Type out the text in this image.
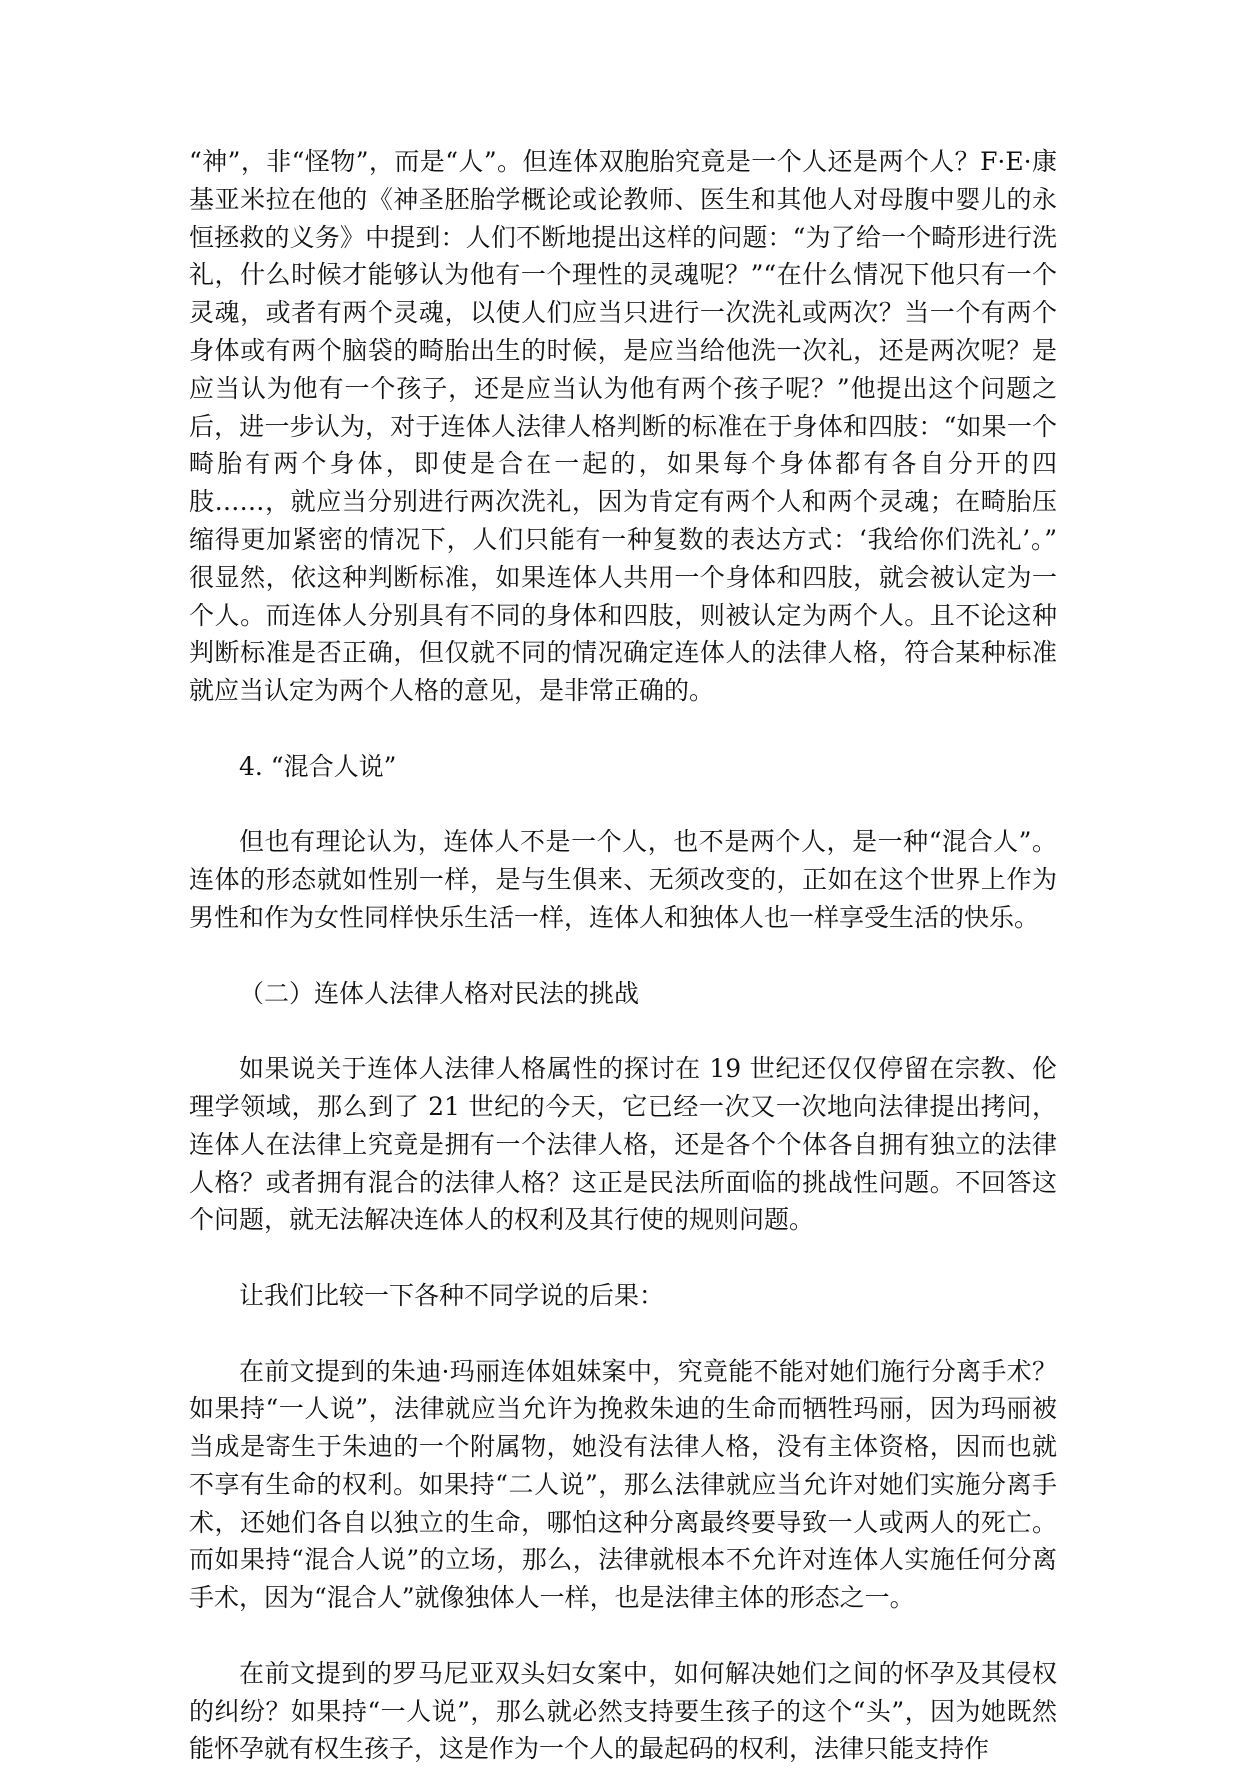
“神”，非“怪物”，而是“人”。但连体双胞胎究竟是一个人还是两个人？F·E·康基亚米拉在他的《神圣胚胎学概论或论教师、医生和其他人对母腹中婴儿的永恒拯救的义务》中提到：人们不断地提出这样的问题：“为了给一个畸形进行洗礼，什么时候才能够认为他有一个理性的灵魂呢？”“在什么情况下他只有一个灵魂，或者有两个灵魂，以使人们应当只进行一次洗礼或两次？当一个有两个身体或有两个脑袋的畸胎出生的时候，是应当给他洗一次礼，还是两次呢？是应当认为他有一个孩子，还是应当认为他有两个孩子呢？”他提出这个问题之后，进一步认为，对于连体人法律人格判断的标准在于身体和四肢：“如果一个畸胎有两个身体，即使是合在一起的，如果每个身体都有各自分开的四肢……，就应当分别进行两次洗礼，因为肯定有两个人和两个灵魂；在畸胎压缩得更加紧密的情况下，人们只能有一种复数的表达方式：‘我给你们洗礼’。” 很显然，依这种判断标准，如果连体人共用一个身体和四肢，就会被认定为一个人。而连体人分别具有不同的身体和四肢，则被认定为两个人。且不论这种判断标准是否正确，但仅就不同的情况确定连体人的法律人格，符合某种标准就应当认定为两个人格的意见，是非常正确的。

4. “混合人说”

但也有理论认为，连体人不是一个人，也不是两个人，是一种“混合人”。连体的形态就如性别一样，是与生俱来、无须改变的，正如在这个世界上作为男性和作为女性同样快乐生活一样，连体人和独体人也一样享受生活的快乐。

（二）连体人法律人格对民法的挑战

如果说关于连体人法律人格属性的探讨在 19 世纪还仅仅停留在宗教、伦理学领域，那么到了 21 世纪的今天，它已经一次又一次地向法律提出拷问，连体人在法律上究竟是拥有一个法律人格，还是各个个体各自拥有独立的法律人格？或者拥有混合的法律人格？这正是民法所面临的挑战性问题。不回答这个问题，就无法解决连体人的权利及其行使的规则问题。

让我们比较一下各种不同学说的后果：

在前文提到的朱迪·玛丽连体姐妹案中，究竟能不能对她们施行分离手术？如果持“一人说”，法律就应当允许为挽救朱迪的生命而牺牲玛丽，因为玛丽被当成是寄生于朱迪的一个附属物，她没有法律人格，没有主体资格，因而也就不享有生命的权利。如果持“二人说”，那么法律就应当允许对她们实施分离手术，还她们各自以独立的生命，哪怕这种分离最终要导致一人或两人的死亡。而如果持“混合人说”的立场，那么，法律就根本不允许对连体人实施任何分离手术，因为“混合人”就像独体人一样，也是法律主体的形态之一。

在前文提到的罗马尼亚双头妇女案中，如何解决她们之间的怀孕及其侵权的纠纷？如果持“一人说”，那么就必然支持要生孩子的这个“头”，因为她既然能怀孕就有权生孩子，这是作为一个人的最起码的权利，法律只能支持作
